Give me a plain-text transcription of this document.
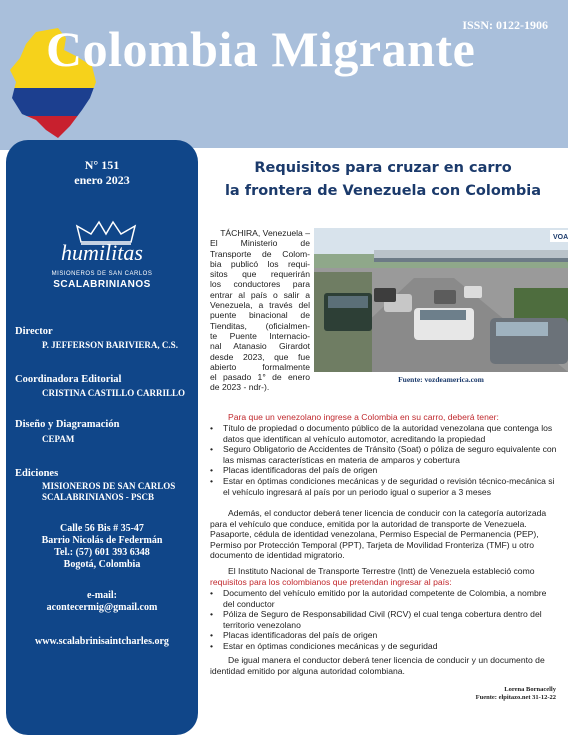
ISSN: 0122-1906
Colombia Migrante
N° 151
enero 2023
humilitas
MISIONEROS DE SAN CARLOS
SCALABRINIANOS
Director
P. JEFFERSON BARIVIERA, C.S.
Coordinadora Editorial
CRISTINA CASTILLO CARRILLO
Diseño y Diagramación
CEPAM
Ediciones
MISIONEROS DE SAN CARLOS
SCALABRINIANOS - PSCB
Calle 56 Bis # 35-47
Barrio Nicolás de Federmán
Tel.: (57) 601 393 6348
Bogotá, Colombia
e-mail:
acontecermig@gmail.com
www.scalabrinisaintcharles.org
Requisitos para cruzar en carro
la frontera de Venezuela con Colombia
TÁCHIRA, Venezuela –
El Ministerio de
Transporte de Colom-
bia publicó los requi-
sitos que requerirán
los conductores para
entrar al país o salir a
Venezuela, a través del
puente binacional de
Tienditas, (oficialmen-
te Puente Internacio-
nal Atanasio Girardot
desde 2023, que fue
abierto formalmente
el pasado 1° de enero
de 2023 - ndr-).
VOA
Fuente: vozdeamerica.com
Para que un venezolano ingrese a Colombia en su carro, deberá tener:
• Título de propiedad o documento público de la autoridad venezolana que contenga los datos que identifican al vehículo automotor, acreditando la propiedad
• Seguro Obligatorio de Accidentes de Tránsito (Soat) o póliza de seguro equivalente con las mismas características en materia de amparos y cobertura
• Placas identificadoras del país de origen
• Estar en óptimas condiciones mecánicas y de seguridad o revisión técnico-mecánica si el vehículo ingresará al país por un periodo igual o superior a 3 meses
Además, el conductor deberá tener licencia de conducir con la categoría autorizada para el vehículo que conduce, emitida por la autoridad de transporte de Venezuela. Pasaporte, cédula de identidad venezolana, Permiso Especial de Permanencia (PEP), Permiso por Protección Temporal (PPT), Tarjeta de Movilidad Fronteriza (TMF) u otro documento de identidad migratorio.
El Instituto Nacional de Transporte Terrestre (Intt) de Venezuela estableció como
requisitos para los colombianos que pretendan ingresar al país:
• Documento del vehículo emitido por la autoridad competente de Colombia, a nombre del conductor
• Póliza de Seguro de Responsabilidad Civil (RCV) el cual tenga cobertura dentro del territorio venezolano
• Placas identificadoras del país de origen
• Estar en óptimas condiciones mecánicas y de seguridad
De igual manera el conductor deberá tener licencia de conducir y un documento de identidad emitido por alguna autoridad colombiana.
Lorena Bornacelly
Fuente: elpitazo.net 31-12-22
